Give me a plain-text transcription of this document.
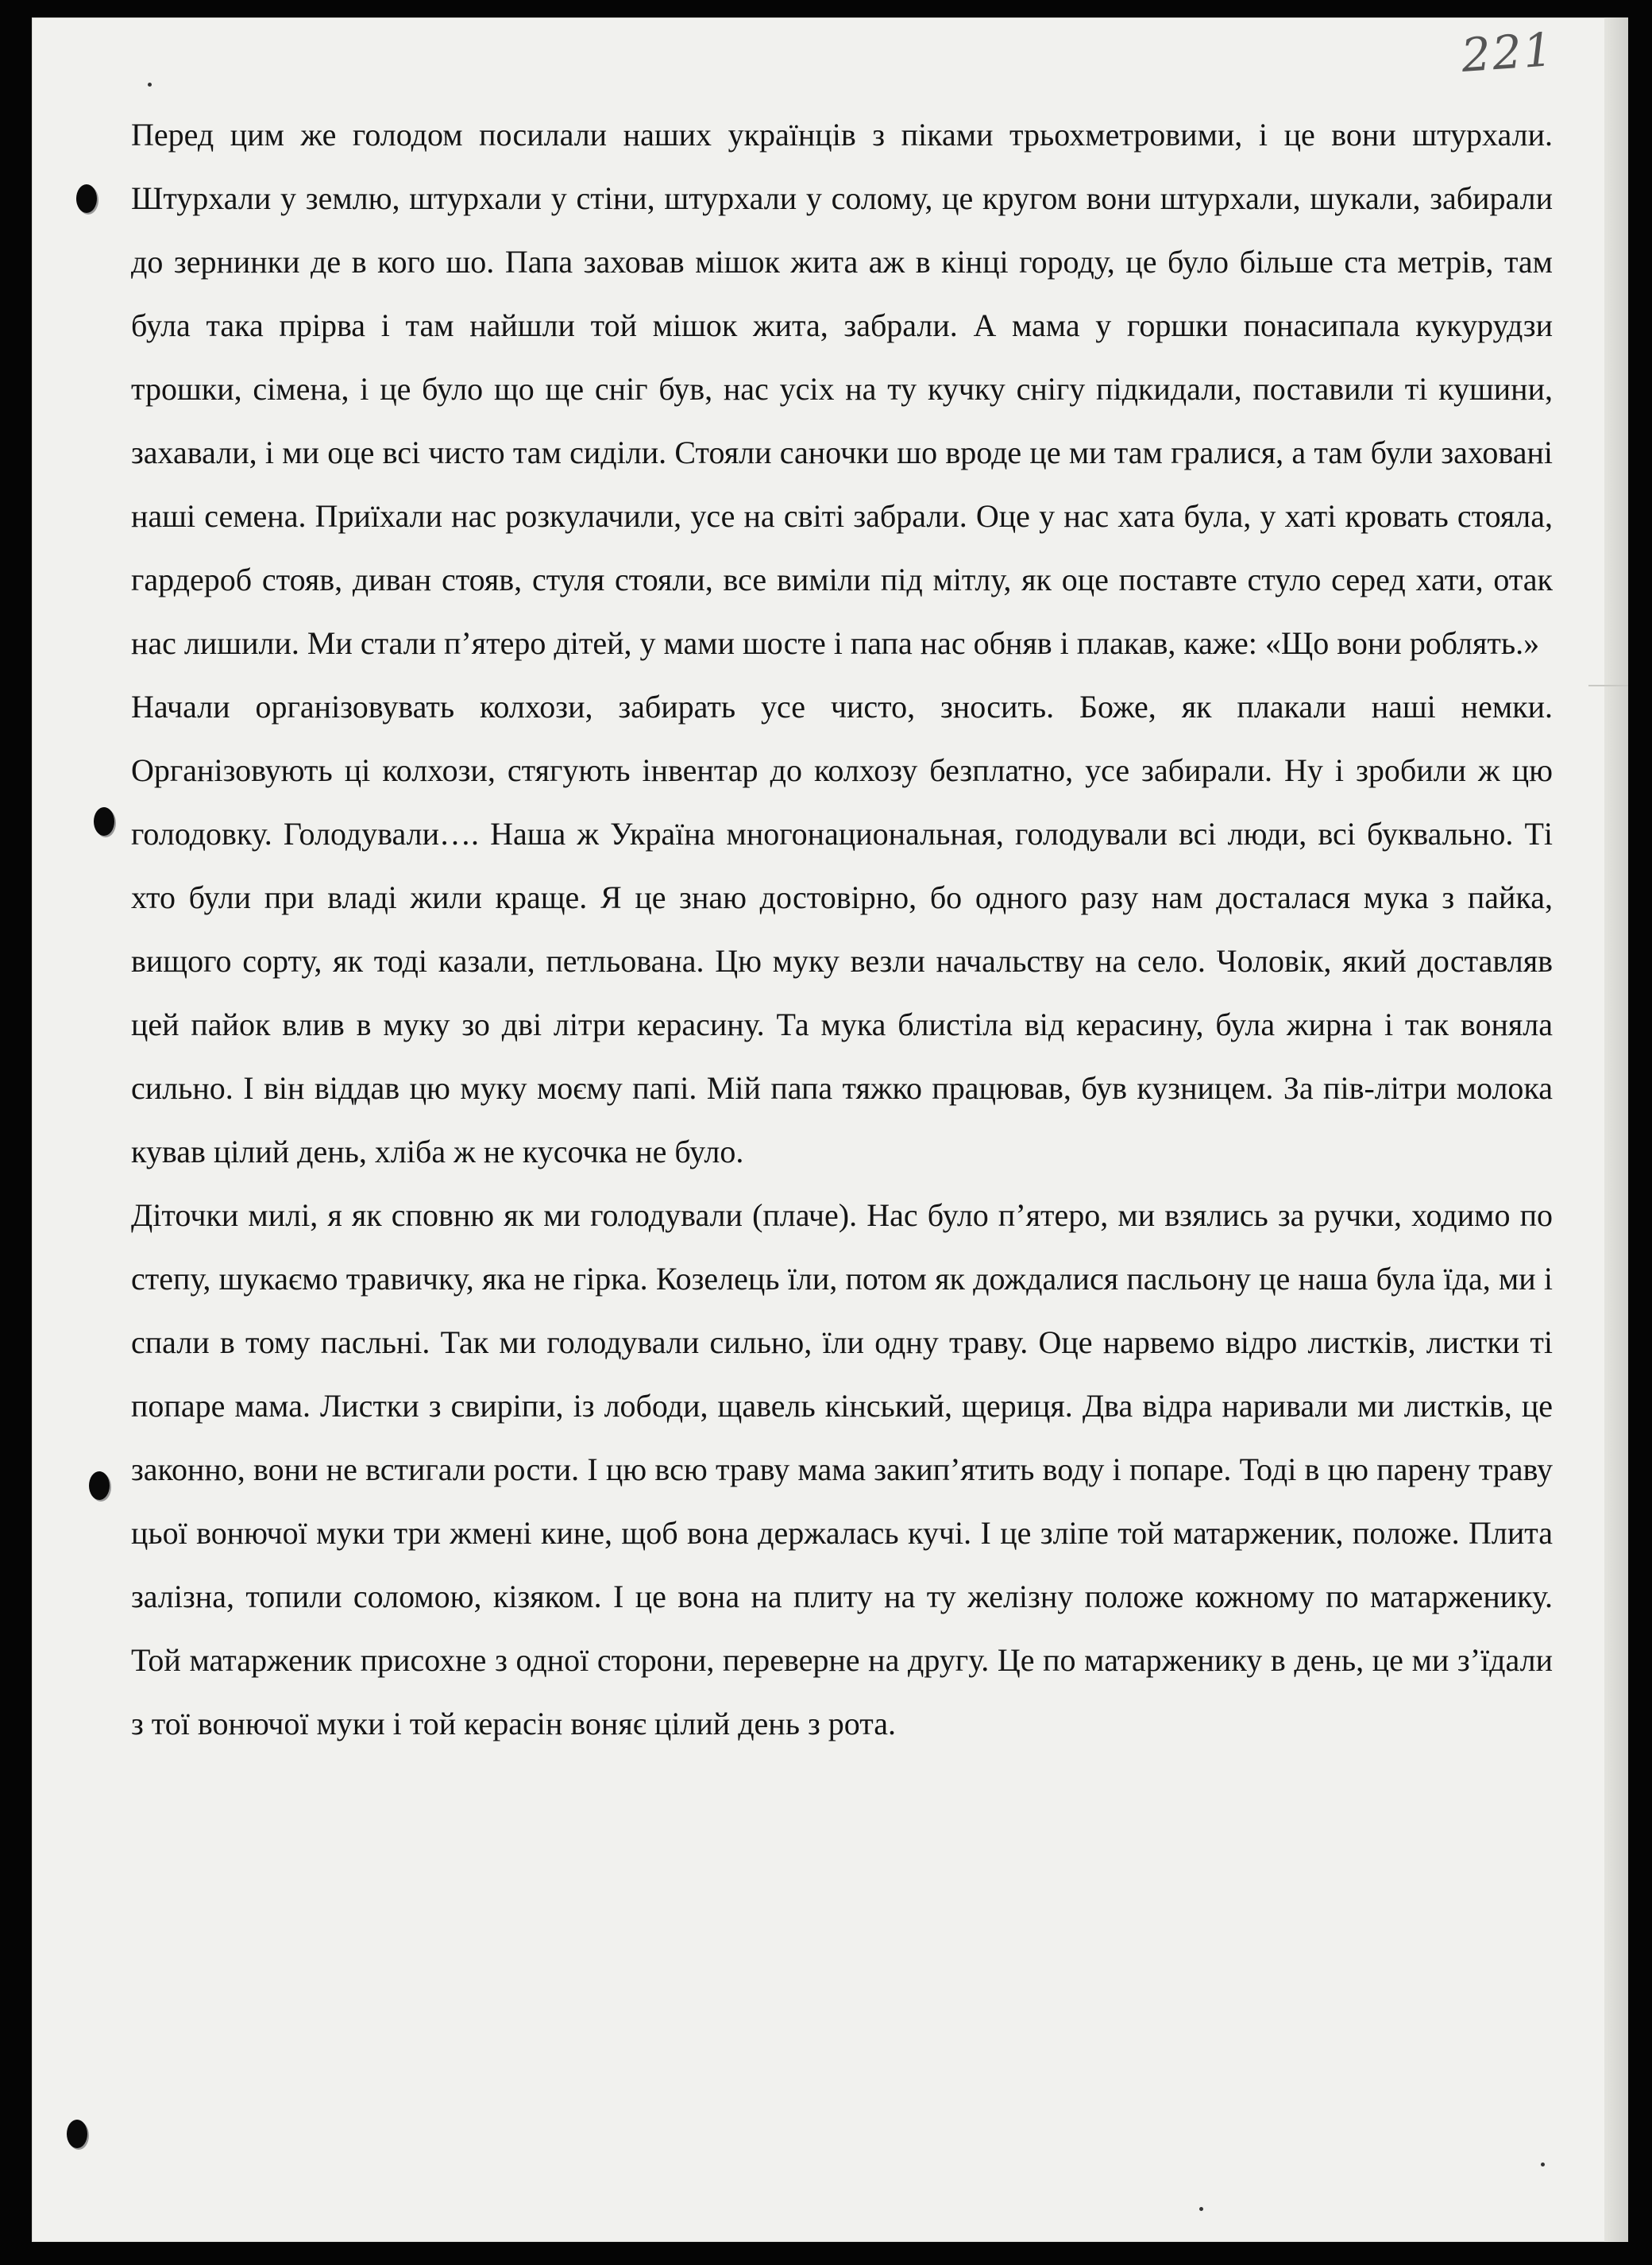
221

Перед цим же голодом посилали наших українців з піками трьохметровими, і це вони штурхали. Штурхали у землю, штурхали у стіни, штурхали у солому, це кругом вони штурхали, шукали, забирали до зернинки де в кого шо. Папа заховав мішок жита аж в кінці городу, це було більше ста метрів, там була така прірва і там найшли той мішок жита, забрали. А мама у горшки понасипала кукурудзи трошки, сімена, і це було що ще сніг був, нас усіх на ту кучку снігу підкидали, поставили ті кушини, захавали, і ми оце всі чисто там сиділи. Стояли саночки шо вроде це ми там гралися, а там були заховані наші семена. Приїхали нас розкулачили, усе на світі забрали. Оце у нас хата була, у хаті кровать стояла, гардероб стояв, диван стояв, стуля стояли, все виміли під мітлу, як оце поставте стуло серед хати, отак нас лишили. Ми стали п’ятеро дітей, у мами шосте і папа нас обняв і плакав, каже: «Що вони роблять.»

Начали організовувать колхози, забирать усе чисто, зносить. Боже, як плакали наші немки. Організовують ці колхози, стягують інвентар до колхозу безплатно, усе забирали. Ну і зробили ж цю голодовку. Голодували…. Наша ж Україна многонациональная, голодували всі люди, всі буквально. Ті хто були при владі жили краще. Я це знаю достовірно, бо одного разу нам досталася мука з пайка, вищого сорту, як тоді казали, петльована. Цю муку везли начальству на село. Чоловік, який доставляв цей пайок влив в муку зо дві літри керасину. Та мука блистіла від керасину, була жирна і так воняла сильно. І він віддав цю муку моєму папі. Мій папа тяжко працював, був кузницем. За пів-літри молока кував цілий день, хліба ж не кусочка не було.

Діточки милі, я як сповню як ми голодували (плаче). Нас було п’ятеро, ми взялись за ручки, ходимо по степу, шукаємо травичку, яка не гірка. Козелець їли, потом як дождалися пасльону це наша була їда, ми і спали в тому пасльні. Так ми голодували сильно, їли одну траву. Оце нарвемо відро листків, листки ті попаре мама. Листки з свиріпи, із лободи, щавель кінський, щериця. Два відра наривали ми листків, це законно, вони не встигали рости. І цю всю траву мама закип’ятить воду і попаре. Тоді в цю парену траву цьої вонючої муки три жмені кине, щоб вона держалась кучі. І це зліпе той матарженик, положе. Плита залізна, топили соломою, кізяком. І це вона на плиту на ту желізну положе кожному по матарженику. Той матарженик присохне з одної сторони, переверне на другу. Це по матарженику в день, це ми з’їдали з тої вонючої муки і той керасін воняє цілий день з рота.
